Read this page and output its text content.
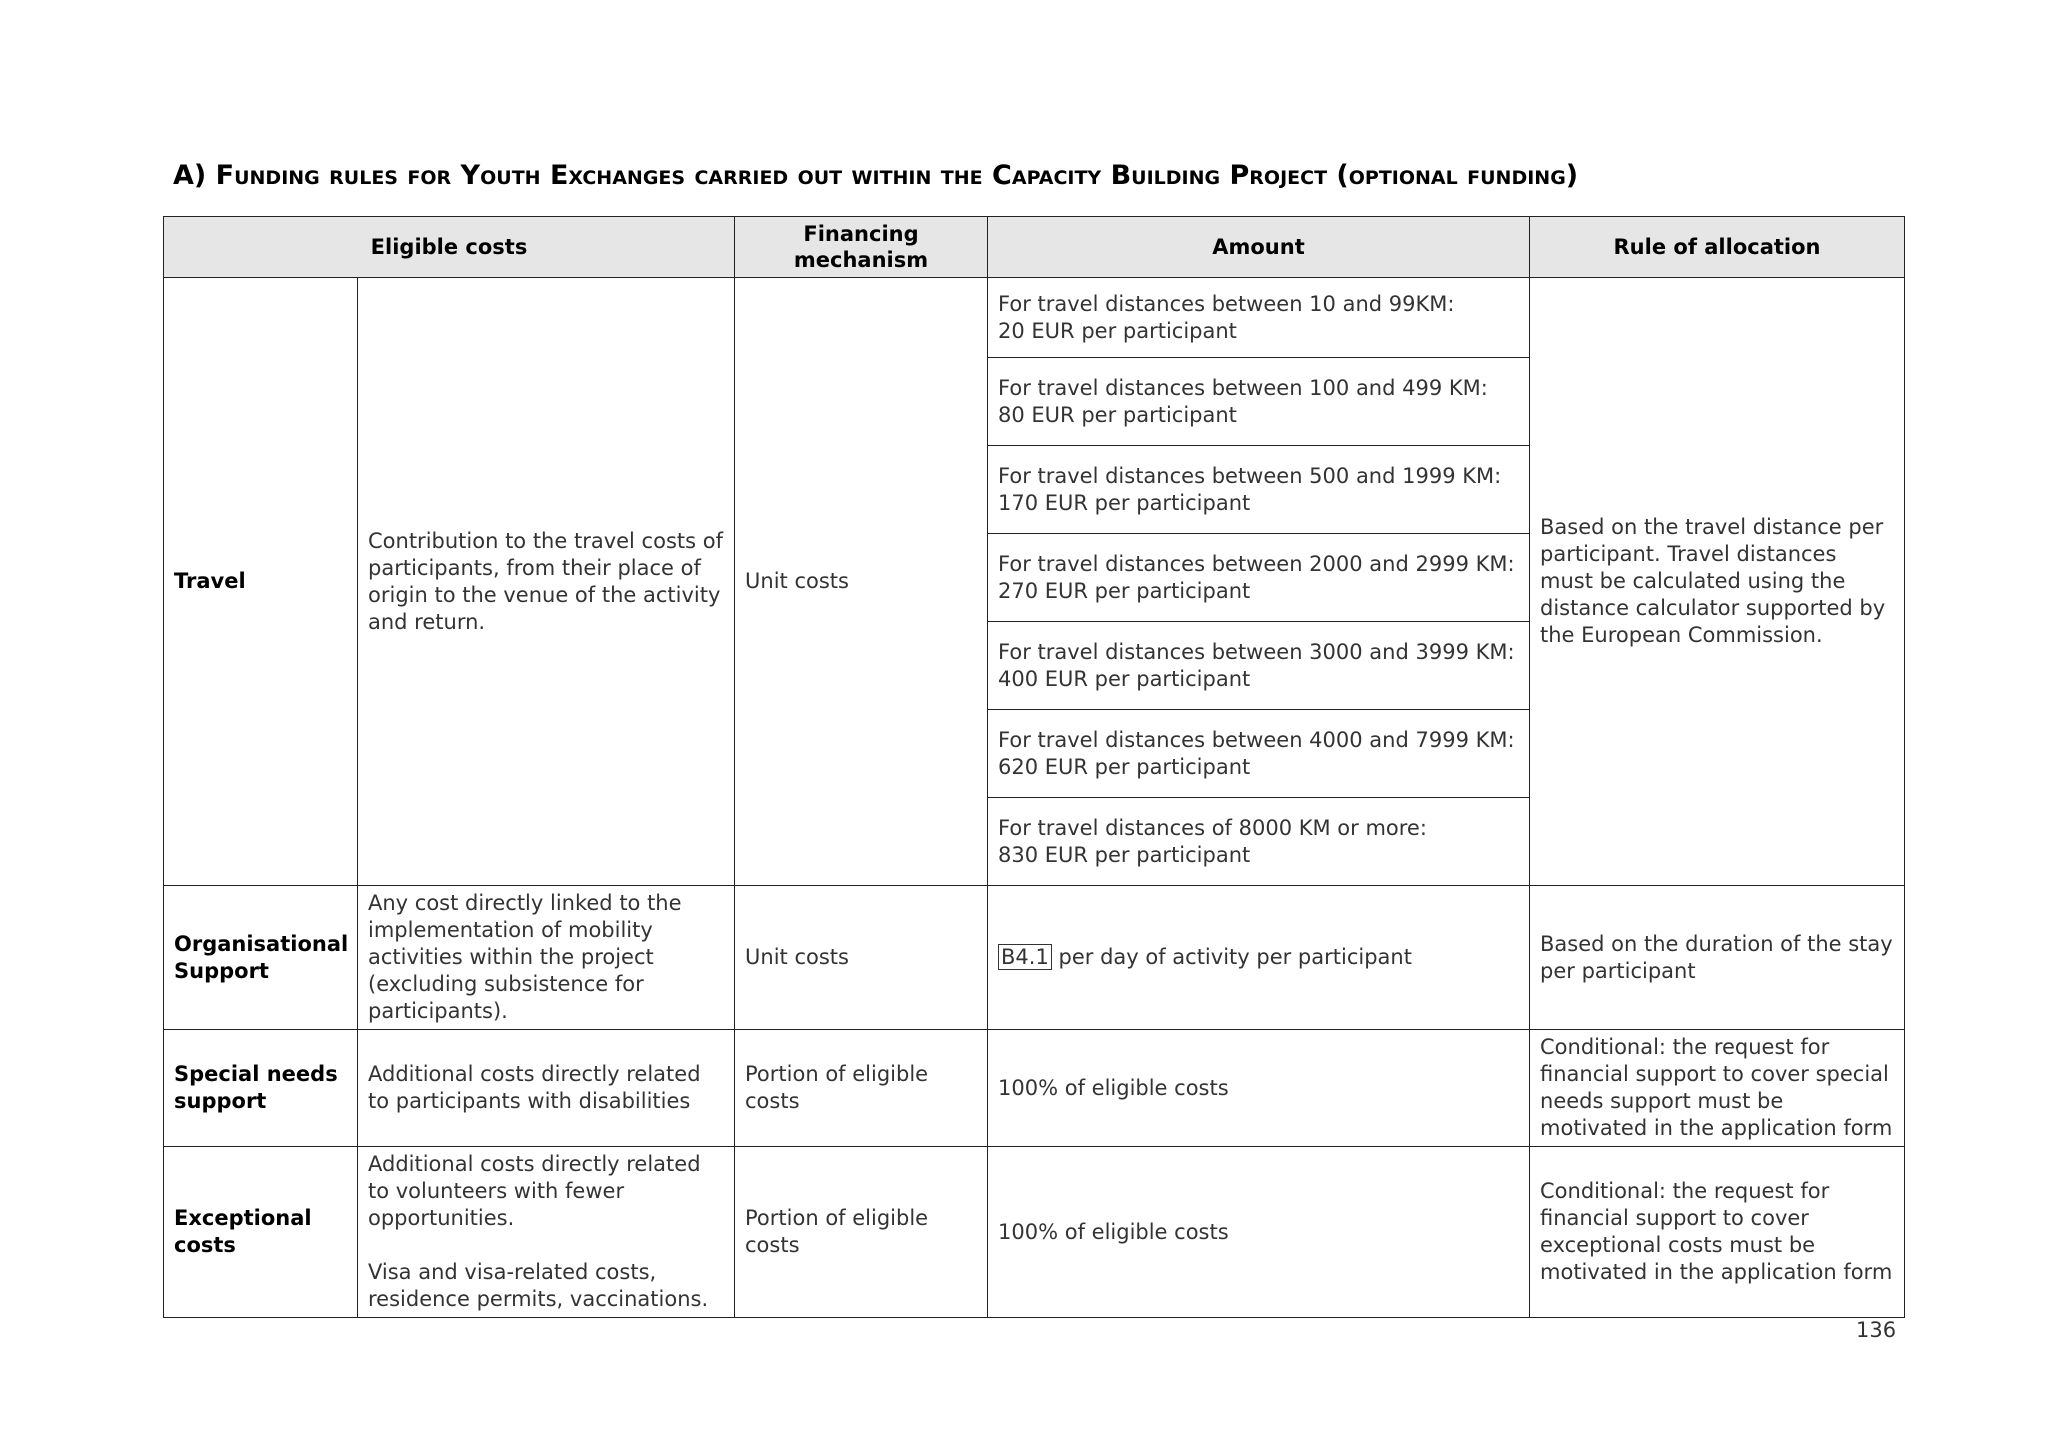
A) Funding rules for Youth Exchanges carried out within the Capacity Building Project (optional funding)
Eligible costs		Financing mechanism	Amount	Rule of allocation
Travel	Contribution to the travel costs of participants, from their place of origin to the venue of the activity and return.	Unit costs	For travel distances between 10 and 99KM:
20 EUR per participant	Based on the travel distance per participant. Travel distances must be calculated using the distance calculator supported by the European Commission.
			For travel distances between 100 and 499 KM:
80 EUR per participant	
			For travel distances between 500 and 1999 KM:
170 EUR per participant	
			For travel distances between 2000 and 2999 KM:
270 EUR per participant	
			For travel distances between 3000 and 3999 KM:
400 EUR per participant	
			For travel distances between 4000 and 7999 KM:
620 EUR per participant	
			For travel distances of 8000 KM or more:
830 EUR per participant	
Organisational Support	Any cost directly linked to the implementation of mobility activities within the project (excluding subsistence for participants).	Unit costs	B4.1 per day of activity per participant	Based on the duration of the stay per participant
Special needs support	Additional costs directly related to participants with disabilities	Portion of eligible costs	100% of eligible costs	Conditional: the request for financial support to cover special needs support must be motivated in the application form
Exceptional costs	Additional costs directly related to volunteers with fewer opportunities.

Visa and visa-related costs, residence permits, vaccinations.	Portion of eligible costs	100% of eligible costs	Conditional: the request for financial support to cover exceptional costs must be motivated in the application form
136
